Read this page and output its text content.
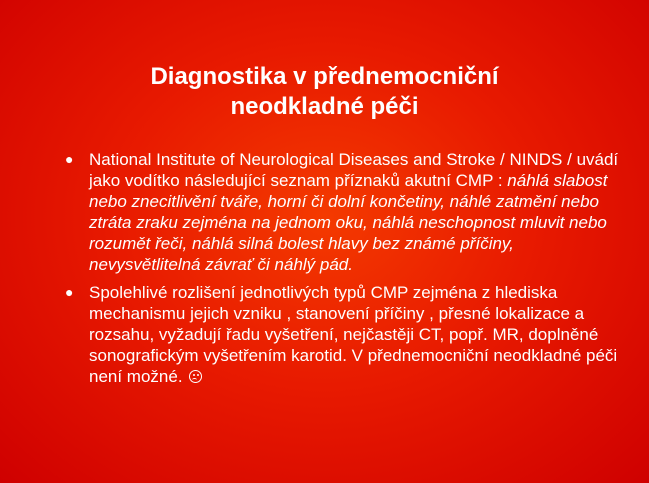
Diagnostika v přednemocniční
neodkladné péči
● National Institute of Neurological Diseases and Stroke / NINDS / uvádí jako vodítko následující seznam příznaků akutní CMP : náhlá slabost nebo znecitlivění tváře, horní či dolní končetiny, náhlé zatmění nebo ztráta zraku zejména na jednom oku, náhlá neschopnost mluvit nebo rozumět řeči, náhlá silná bolest hlavy bez známé příčiny, nevysvětlitelná závrať či náhlý pád.
● Spolehlivé rozlišení jednotlivých typů CMP zejména z hlediska mechanismu jejich vzniku , stanovení příčiny , přesné lokalizace a rozsahu, vyžadují řadu vyšetření, nejčastěji CT, popř. MR, doplněné sonografickým vyšetřením karotid. V přednemocniční neodkladné péči není možné.
